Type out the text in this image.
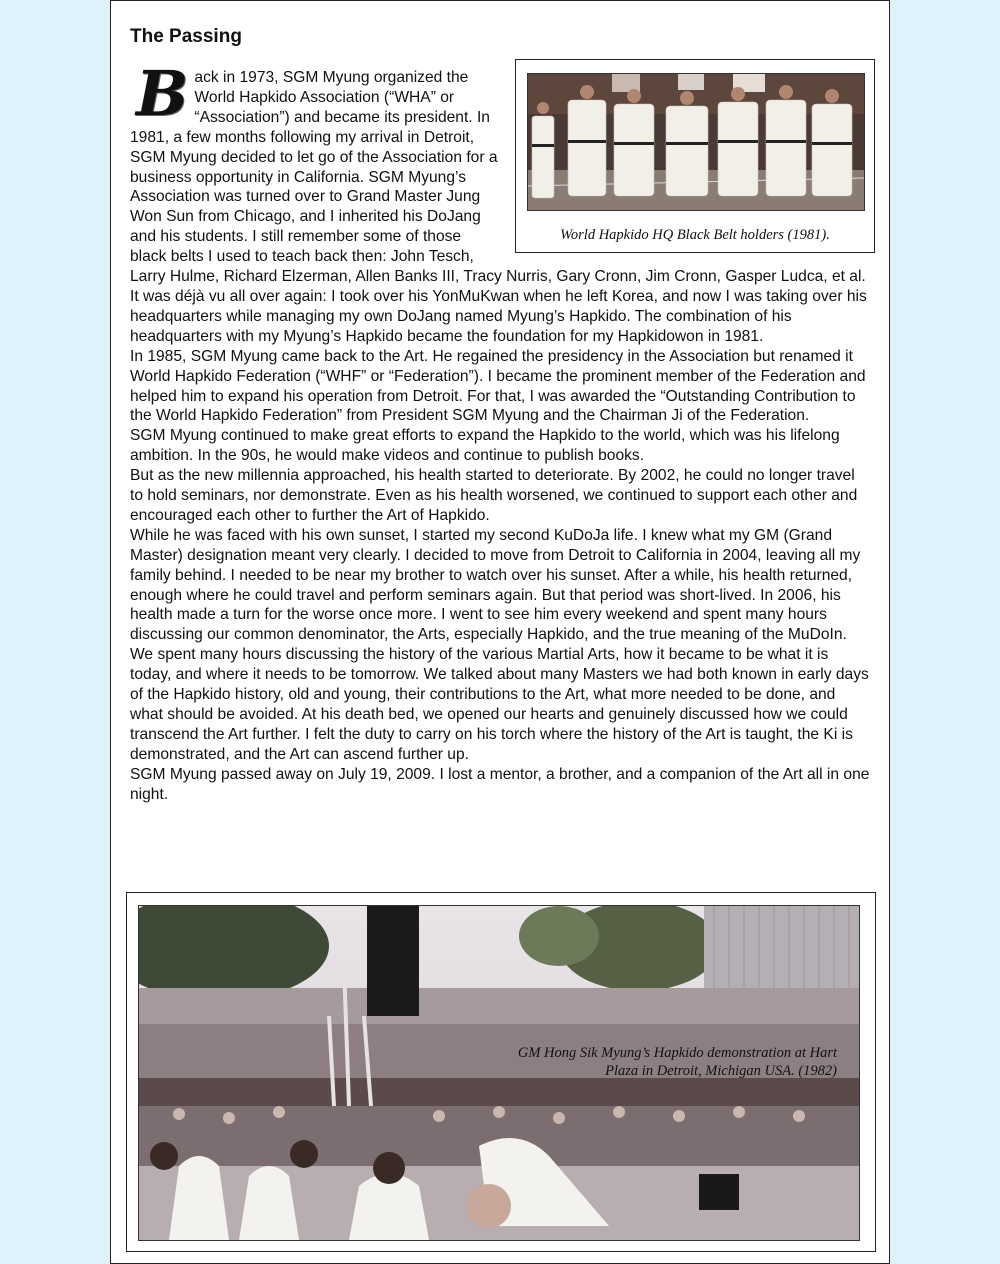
The Passing

Back in 1973, SGM Myung organized the World Hapkido Association (“WHA” or “Association”) and became its president. In 1981, a few months following my arrival in Detroit, SGM Myung decided to let go of the Association for a business opportunity in California. SGM Myung’s Association was turned over to Grand Master Jung Won Sun from Chicago, and I inherited his DoJang and his students. I still remember some of those black belts I used to teach back then: John Tesch, Larry Hulme, Richard Elzerman, Allen Banks III, Tracy Nurris, Gary Cronn, Jim Cronn, Gasper Ludca, et al.

It was déjà vu all over again: I took over his YonMuKwan when he left Korea, and now I was taking over his headquarters while managing my own DoJang named Myung’s Hapkido. The combination of his headquarters with my Myung’s Hapkido became the foundation for my Hapkidowon in 1981.

In 1985, SGM Myung came back to the Art. He regained the presidency in the Association but renamed it World Hapkido Federation (“WHF” or “Federation”). I became the prominent member of the Federation and helped him to expand his operation from Detroit. For that, I was awarded the “Outstanding Contribution to the World Hapkido Federation” from President SGM Myung and the Chairman Ji of the Federation.

SGM Myung continued to make great efforts to expand the Hapkido to the world, which was his lifelong ambition. In the 90s, he would make videos and continue to publish books.

But as the new millennia approached, his health started to deteriorate. By 2002, he could no longer travel to hold seminars, nor demonstrate. Even as his health worsened, we continued to support each other and encouraged each other to further the Art of Hapkido.

While he was faced with his own sunset, I started my second KuDoJa life. I knew what my GM (Grand Master) designation meant very clearly. I decided to move from Detroit to California in 2004, leaving all my family behind. I needed to be near my brother to watch over his sunset. After a while, his health returned, enough where he could travel and perform seminars again. But that period was short-lived. In 2006, his health made a turn for the worse once more. I went to see him every weekend and spent many hours discussing our common denominator, the Arts, especially Hapkido, and the true meaning of the MuDoIn. We spent many hours discussing the history of the various Martial Arts, how it became to be what it is today, and where it needs to be tomorrow. We talked about many Masters we had both known in early days of the Hapkido history, old and young, their contributions to the Art, what more needed to be done, and what should be avoided. At his death bed, we opened our hearts and genuinely discussed how we could transcend the Art further. I felt the duty to carry on his torch where the history of the Art is taught, the Ki is demonstrated, and the Art can ascend further up.

SGM Myung passed away on July 19, 2009. I lost a mentor, a brother, and a companion of the Art all in one night.

World Hapkido HQ Black Belt holders (1981).
GM Hong Sik Myung’s Hapkido demonstration at Hart
Plaza in Detroit, Michigan USA. (1982)
